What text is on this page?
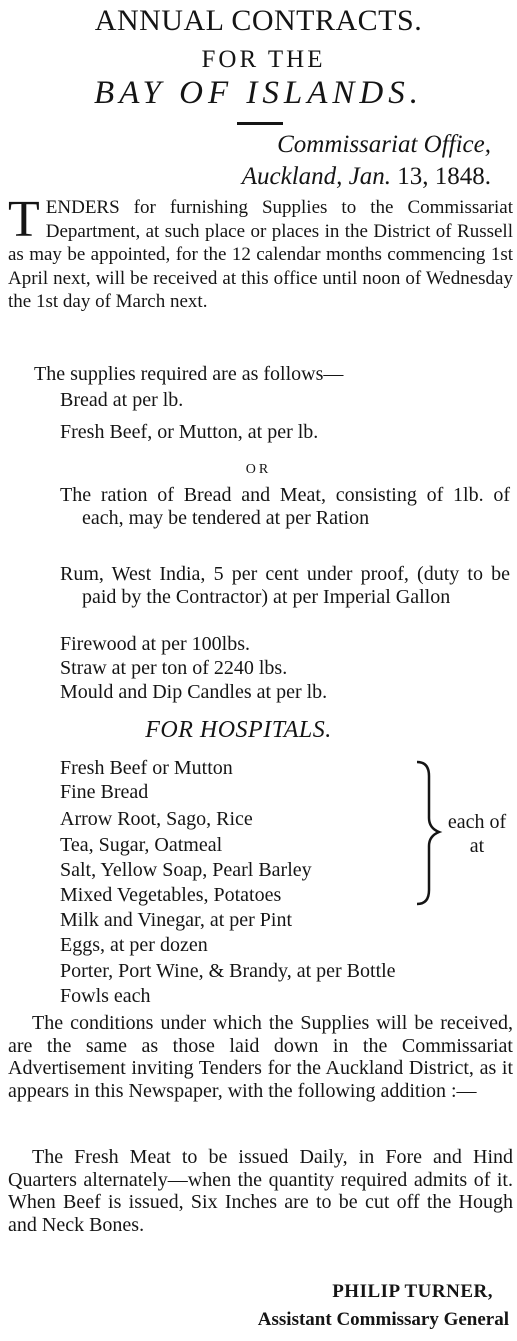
ANNUAL CONTRACTS.
FOR THE
BAY OF ISLANDS.
Commissariat Office,
Auckland, Jan. 13, 1848.
TENDERS for furnishing Supplies to the Commissariat Department, at such place or places in the District of Russell as may be appointed, for the 12 calendar months commencing 1st April next, will be received at this office until noon of Wednesday the 1st day of March next.
The supplies required are as follows—
Bread at per lb.
Fresh Beef, or Mutton, at per lb.
OR
The ration of Bread and Meat, consisting of 1lb. of each, may be tendered at per Ration
Rum, West India, 5 per cent under proof, (duty to be paid by the Contractor) at per Imperial Gallon
Firewood at per 100lbs.
Straw at per ton of 2240 lbs.
Mould and Dip Candles at per lb.
FOR HOSPITALS.
Fresh Beef or Mutton
Fine Bread
Arrow Root, Sago, Rice
Tea, Sugar, Oatmeal
Salt, Yellow Soap, Pearl Barley
Mixed Vegetables, Potatoes
Milk and Vinegar, at per Pint
Eggs, at per dozen
Porter, Port Wine, & Brandy, at per Bottle
Fowls each
each of
at
The conditions under which the Supplies will be received, are the same as those laid down in the Commissariat Advertisement inviting Tenders for the Auckland District, as it appears in this Newspaper, with the following addition :—
The Fresh Meat to be issued Daily, in Fore and Hind Quarters alternately—when the quantity required admits of it. When Beef is issued, Six Inches are to be cut off the Hough and Neck Bones.
PHILIP TURNER,
Assistant Commissary General
